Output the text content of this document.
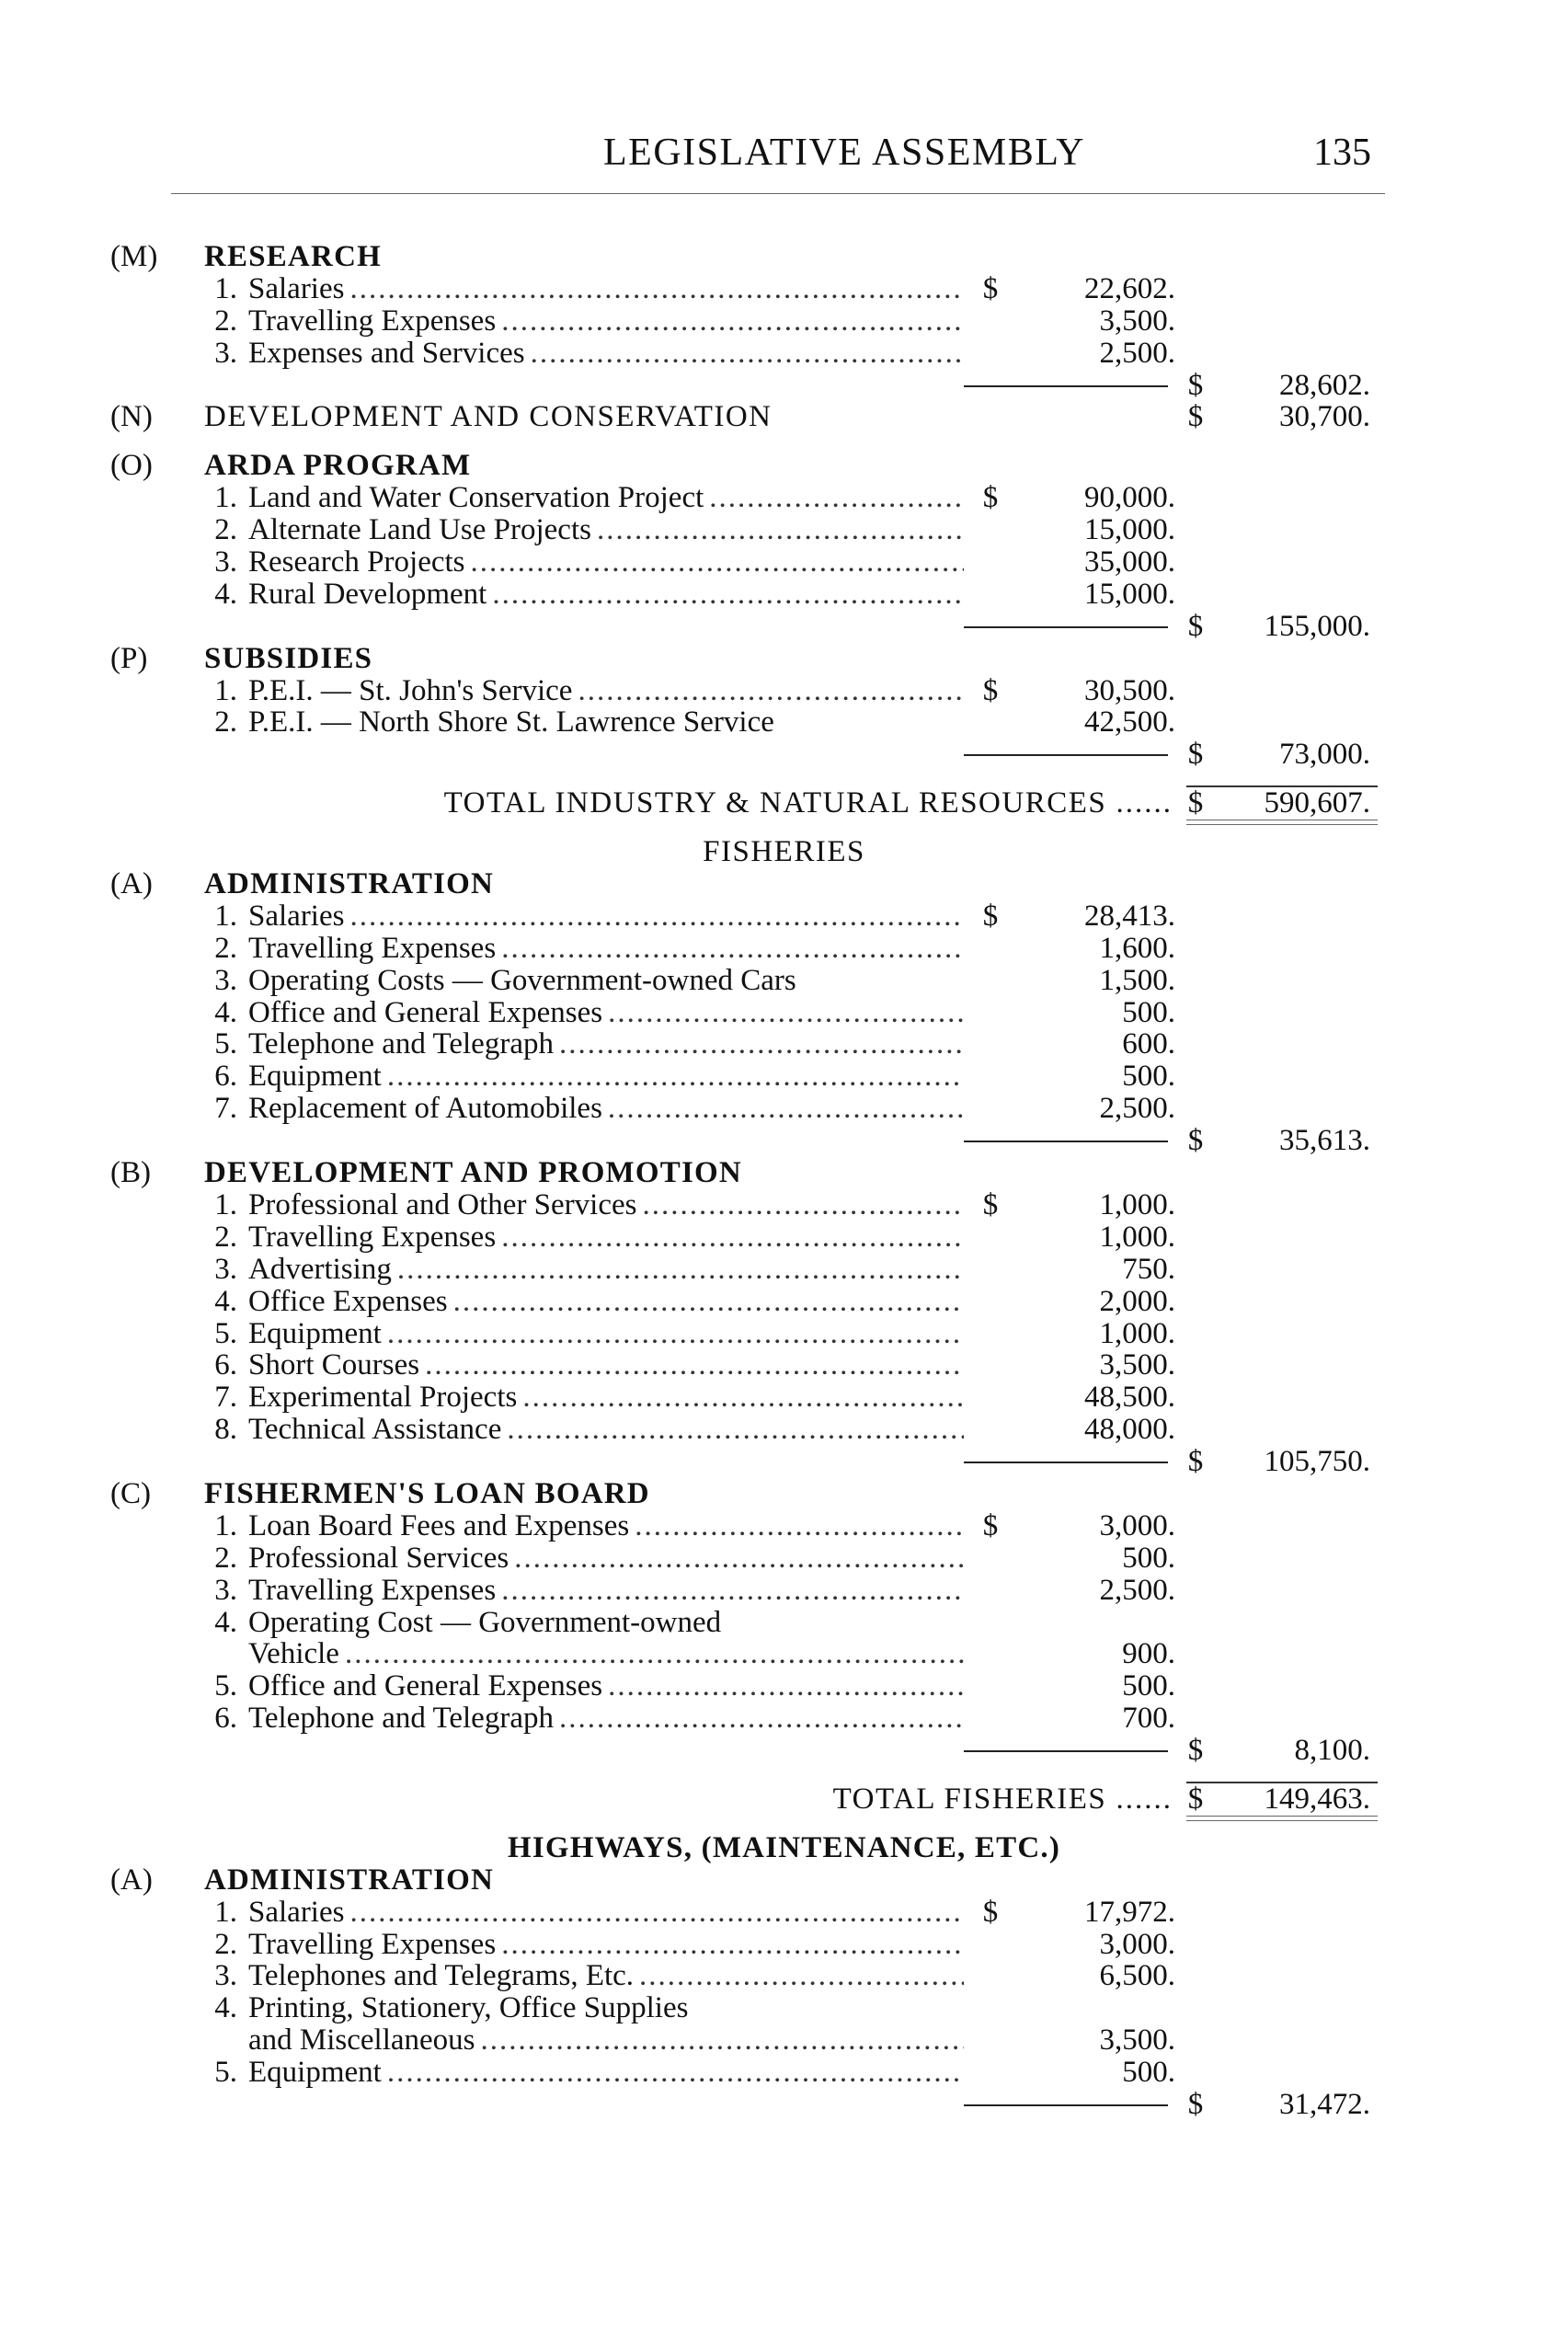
LEGISLATIVE ASSEMBLY	135
(M)	RESEARCH
1. Salaries .....	$	22,602.
2. Travelling Expenses .....	3,500.
3. Expenses and Services .....	2,500.
$	28,602.
(N)	DEVELOPMENT AND CONSERVATION	$	30,700.
(O)	ARDA PROGRAM
1. Land and Water Conservation Project .....	$	90,000.
2. Alternate Land Use Projects .....	15,000.
3. Research Projects .....	35,000.
4. Rural Development .....	15,000.
$	155,000.
(P)	SUBSIDIES
1. P.E.I. — St. John's Service .....	$	30,500.
2. P.E.I. — North Shore St. Lawrence Service	42,500.
$	73,000.
TOTAL INDUSTRY & NATURAL RESOURCES ...... $	590,607.
FISHERIES
(A)	ADMINISTRATION
1. Salaries .....	$	28,413.
2. Travelling Expenses .....	1,600.
3. Operating Costs — Government-owned Cars	1,500.
4. Office and General Expenses .....	500.
5. Telephone and Telegraph .....	600.
6. Equipment .....	500.
7. Replacement of Automobiles .....	2,500.
$	35,613.
(B)	DEVELOPMENT AND PROMOTION
1. Professional and Other Services .....	$	1,000.
2. Travelling Expenses .....	1,000.
3. Advertising .....	750.
4. Office Expenses .....	2,000.
5. Equipment .....	1,000.
6. Short Courses .....	3,500.
7. Experimental Projects .....	48,500.
8. Technical Assistance .....	48,000.
$	105,750.
(C)	FISHERMEN'S LOAN BOARD
1. Loan Board Fees and Expenses .....	$	3,000.
2. Professional Services .....	500.
3. Travelling Expenses .....	2,500.
4. Operating Cost — Government-owned
Vehicle .....	900.
5. Office and General Expenses .....	500.
6. Telephone and Telegraph .....	700.
$	8,100.
TOTAL FISHERIES ...... $	149,463.
HIGHWAYS, (MAINTENANCE, ETC.)
(A)	ADMINISTRATION
1. Salaries .....	$	17,972.
2. Travelling Expenses .....	3,000.
3. Telephones and Telegrams, Etc. .....	6,500.
4. Printing, Stationery, Office Supplies
and Miscellaneous .....	3,500.
5. Equipment .....	500.
$	31,472.
